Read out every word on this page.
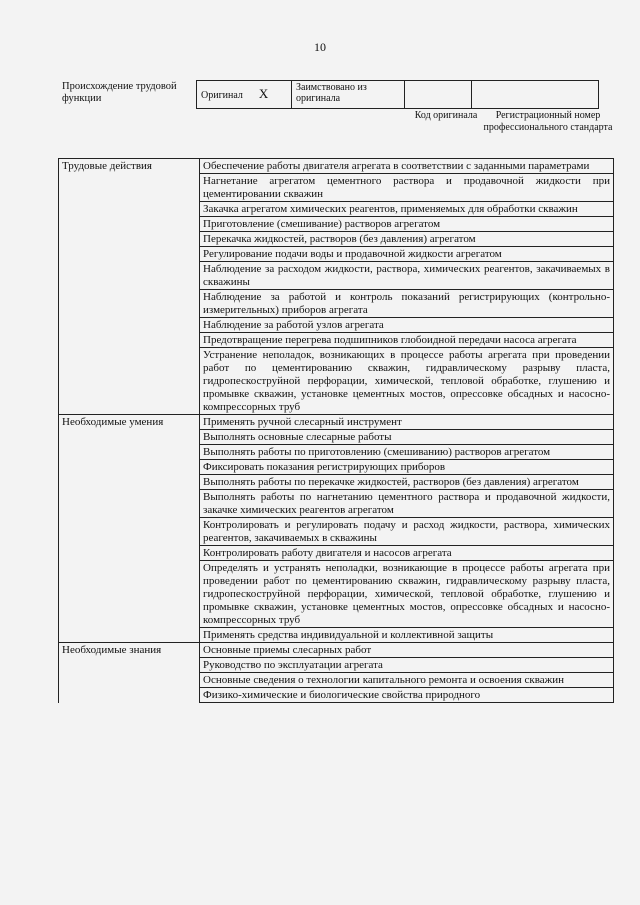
10
Происхождение трудовой функции	Оригинал X	Заимствовано из оригинала		
Код оригинала	Регистрационный номер профессионального стандарта
Трудовые действия	Обеспечение работы двигателя агрегата в соответствии с заданными параметрами
	Нагнетание агрегатом цементного раствора и продавочной жидкости при цементировании скважин
	Закачка агрегатом химических реагентов, применяемых для обработки скважин
	Приготовление (смешивание) растворов агрегатом
	Перекачка жидкостей, растворов (без давления) агрегатом
	Регулирование подачи воды и продавочной жидкости агрегатом
	Наблюдение за расходом жидкости, раствора, химических реагентов, закачиваемых в скважины
	Наблюдение за работой и контроль показаний регистрирующих (контрольно-измерительных) приборов агрегата
	Наблюдение за работой узлов агрегата
	Предотвращение перегрева подшипников глобоидной передачи насоса агрегата
	Устранение неполадок, возникающих в процессе работы агрегата при проведении работ по цементированию скважин, гидравлическому разрыву пласта, гидропескоструйной перфорации, химической, тепловой обработке, глушению и промывке скважин, установке цементных мостов, опрессовке обсадных и насосно-компрессорных труб
Необходимые умения	Применять ручной слесарный инструмент
	Выполнять основные слесарные работы
	Выполнять работы по приготовлению (смешиванию) растворов агрегатом
	Фиксировать показания регистрирующих приборов
	Выполнять работы по перекачке жидкостей, растворов (без давления) агрегатом
	Выполнять работы по нагнетанию цементного раствора и продавочной жидкости, закачке химических реагентов агрегатом
	Контролировать и регулировать подачу и расход жидкости, раствора, химических реагентов, закачиваемых в скважины
	Контролировать работу двигателя и насосов агрегата
	Определять и устранять неполадки, возникающие в процессе работы агрегата при проведении работ по цементированию скважин, гидравлическому разрыву пласта, гидропескоструйной перфорации, химической, тепловой обработке, глушению и промывке скважин, установке цементных мостов, опрессовке обсадных и насосно-компрессорных труб
	Применять средства индивидуальной и коллективной защиты
Необходимые знания	Основные приемы слесарных работ
	Руководство по эксплуатации агрегата
	Основные сведения о технологии капитального ремонта и освоения скважин
	Физико-химические и биологические свойства природного
